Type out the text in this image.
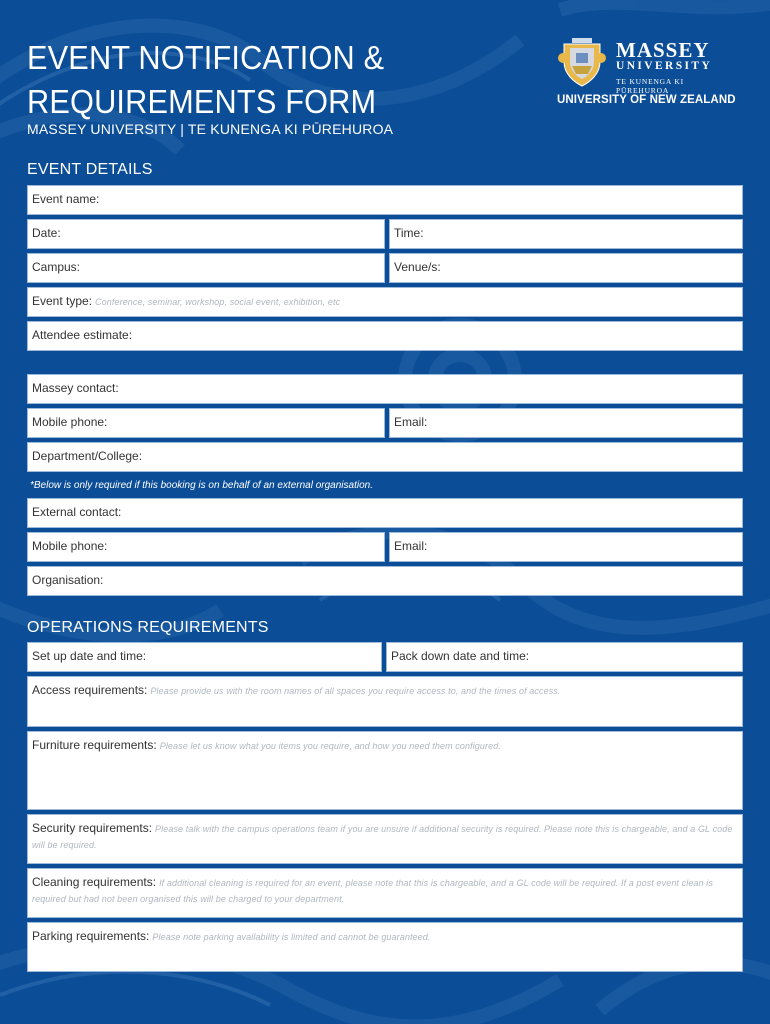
EVENT NOTIFICATION &
REQUIREMENTS FORM
MASSEY UNIVERSITY | TE KUNENGA KI PŪREHUROA
MASSEY
UNIVERSITY
TE KUNENGA KI PŪREHUROA
UNIVERSITY OF NEW ZEALAND
EVENT DETAILS
Event name:
Date:	Time:
Campus:	Venue/s:
Event type: Conference, seminar, workshop, social event, exhibition, etc
Attendee estimate:
Massey contact:
Mobile phone:	Email:
Department/College:
*Below is only required if this booking is on behalf of an external organisation.
External contact:
Mobile phone:	Email:
Organisation:
OPERATIONS REQUIREMENTS
Set up date and time:	Pack down date and time:
Access requirements: Please provide us with the room names of all spaces you require access to, and the times of access.
Furniture requirements: Please let us know what you items you require, and how you need them configured.
Security requirements: Please talk with the campus operations team if you are unsure if additional security is required. Please note this is chargeable, and a GL code will be required.
Cleaning requirements: If additional cleaning is required for an event, please note that this is chargeable, and a GL code will be required. If a post event clean is required but had not been organised this will be charged to your department.
Parking requirements: Please note parking availability is limited and cannot be guaranteed.
